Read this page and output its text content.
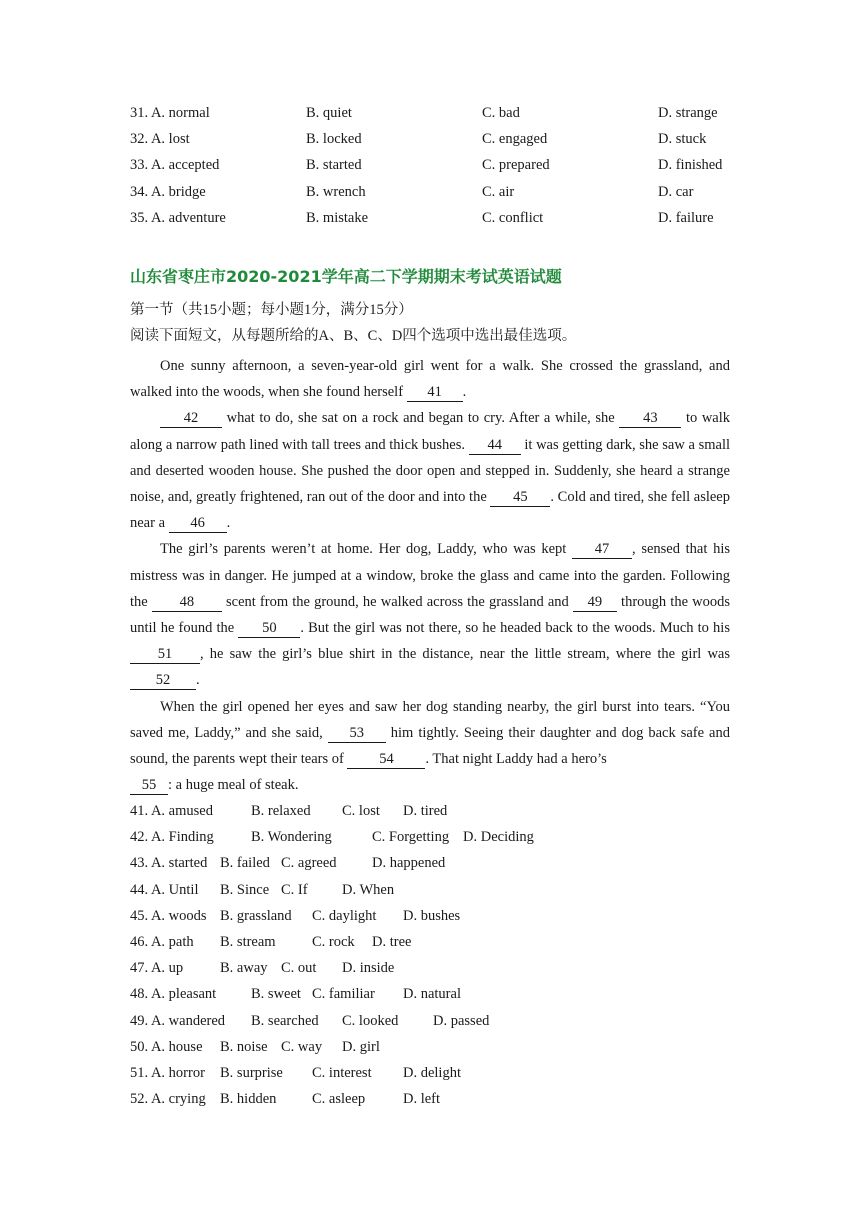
31. A. normal	B. quiet	C. bad	D. strange
32. A. lost	B. locked	C. engaged	D. stuck
33. A. accepted	B. started	C. prepared	D. finished
34. A. bridge	B. wrench	C. air	D. car
35. A. adventure	B. mistake	C. conflict	D. failure
山东省枣庄市2020-2021学年高二下学期期末考试英语试题
第一节（共15小题；每小题1分，满分15分）
阅读下面短文，从每题所给的A、B、C、D四个选项中选出最佳选项。

One sunny afternoon, a seven-year-old girl went for a walk. She crossed the grassland, and walked into the woods, when she found herself 41 .

42 what to do, she sat on a rock and began to cry. After a while, she 43 to walk along a narrow path lined with tall trees and thick bushes. 44 it was getting dark, she saw a small and deserted wooden house. She pushed the door open and stepped in. Suddenly, she heard a strange noise, and, greatly frightened, ran out of the door and into the 45 . Cold and tired, she fell asleep near a 46 .

The girl’s parents weren’t at home. Her dog, Laddy, who was kept 47 , sensed that his mistress was in danger. He jumped at a window, broke the glass and came into the garden. Following the 48 scent from the ground, he walked across the grassland and 49 through the woods until he found the 50 . But the girl was not there, so he headed back to the woods. Much to his 51 , he saw the girl’s blue shirt in the distance, near the little stream, where the girl was 52 .

When the girl opened her eyes and saw her dog standing nearby, the girl burst into tears. “You saved me, Laddy,” and she said, 53 him tightly. Seeing their daughter and dog back safe and sound, the parents wept their tears of 54 . That night Laddy had a hero’s

55 : a huge meal of steak.

41. A. amused	B. relaxed C. lost D. tired
42. A. Finding	B. Wondering	C. Forgetting D. Deciding
43. A. started B. failed C. agreed D. happened
44. A. Until B. Since C. If D. When
45. A. woods B. grassland C. daylight D. bushes
46. A. path B. stream	C. rock D. tree
47. A. up	B. away C. out D. inside
48. A. pleasant B. sweet C. familiar D. natural
49. A. wandered B. searched C. looked D. passed
50. A. house B. noise C. way D. girl
51. A. horror B. surprise C. interest D. delight
52. A. crying B. hidden C. asleep	D. left
